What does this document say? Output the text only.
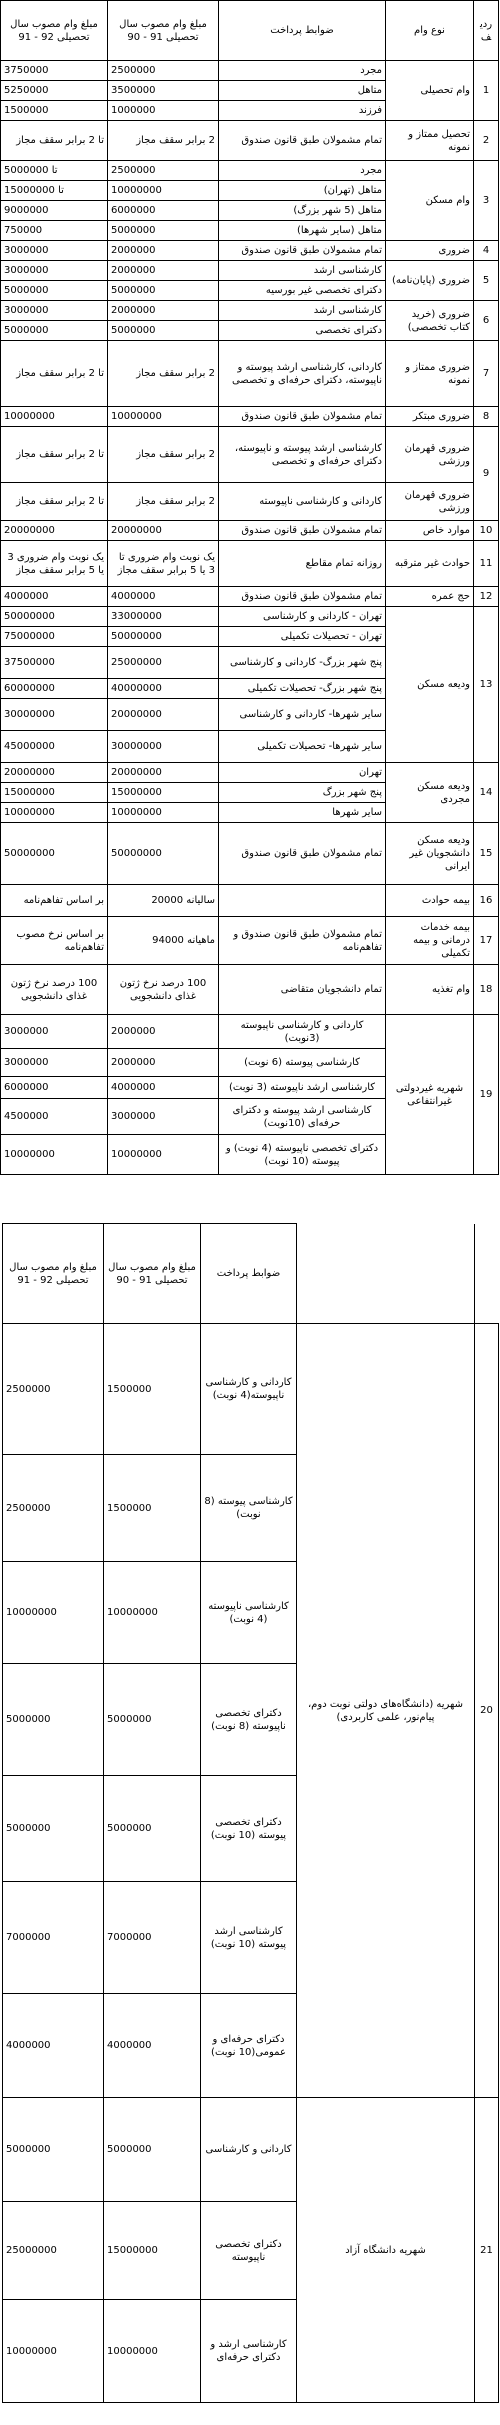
ردیف	نوع وام	ضوابط پرداخت	مبلغ وام مصوب سال تحصیلی 91 - 90	مبلغ وام مصوب سال تحصیلی 92 - 91
1	وام تحصیلی	مجرد	2500000	3750000
		متاهل	3500000	5250000
		فرزند	1000000	1500000
2	تحصیل ممتاز و نمونه	تمام مشمولان طبق قانون صندوق	2 برابر سقف مجاز	تا 2 برابر سقف مجاز
3	وام مسکن	مجرد	2500000	تا 5000000
		متاهل (تهران)	10000000	تا 15000000
		متاهل (5 شهر بزرگ)	6000000	9000000
		متاهل (سایر شهرها)	5000000	750000
4	ضروری	تمام مشمولان طبق قانون صندوق	2000000	3000000
5	ضروری (پایان‌نامه)	کارشناسی ارشد	2000000	3000000
		دکترای تخصصی غیر بورسیه	5000000	5000000
6	ضروری (خرید کتاب تخصصی)	کارشناسی ارشد	2000000	3000000
		دکترای تخصصی	5000000	5000000
7	ضروری ممتاز و نمونه	کاردانی، کارشناسی ارشد پیوسته و ناپیوسته، دکترای حرفه‌ای و تخصصی	2 برابر سقف مجاز	تا 2 برابر سقف مجاز
8	ضروری مبتکر	تمام مشمولان طبق قانون صندوق	10000000	10000000
9	ضروری قهرمان ورزشی	کارشناسی ارشد پیوسته و ناپیوسته، دکترای حرفه‌ای و تخصصی	2 برابر سقف مجاز	تا 2 برابر سقف مجاز
	ضروری قهرمان ورزشی	کاردانی و کارشناسی ناپیوسته	2 برابر سقف مجاز	تا 2 برابر سقف مجاز
10	موارد خاص	تمام مشمولان طبق قانون صندوق	20000000	20000000
11	حوادث غیر مترقبه	روزانه تمام مقاطع	یک نوبت وام ضروری تا 3 یا 5 برابر سقف مجاز	یک نوبت وام ضروری 3 یا 5 برابر سقف مجاز
12	حج عمره	تمام مشمولان طبق قانون صندوق	4000000	4000000
13	ودیعه مسکن	تهران - کاردانی و کارشناسی	33000000	50000000
		تهران - تحصیلات تکمیلی	50000000	75000000
		پنج شهر بزرگ- کاردانی و کارشناسی	25000000	37500000
		پنج شهر بزرگ- تحصیلات تکمیلی	40000000	60000000
		سایر شهرها- کاردانی و کارشناسی	20000000	30000000
		سایر شهرها- تحصیلات تکمیلی	30000000	45000000
14	ودیعه مسکن مجردی	تهران	20000000	20000000
		پنج شهر بزرگ	15000000	15000000
		سایر شهرها	10000000	10000000
15	ودیعه مسکن دانشجویان غیر ایرانی	تمام مشمولان طبق قانون صندوق	50000000	50000000
16	بیمه حوادث		سالیانه 20000	بر اساس تفاهم‌نامه
17	بیمه خدمات درمانی و بیمه تکمیلی	تمام مشمولان طبق قانون صندوق و تفاهم‌نامه	ماهیانه 94000	بر اساس نرخ مصوب تفاهم‌نامه
18	وام تغذیه	تمام دانشجویان متقاضی	100 درصد نرخ ژتون غذای دانشجویی	100 درصد نرخ ژتون غذای دانشجویی
19	شهریه غیردولتی غیرانتفاعی	کاردانی و کارشناسی ناپیوسته (3نوبت)	2000000	3000000
		کارشناسی پیوسته (6 نوبت)	2000000	3000000
		کارشناسی ارشد ناپیوسته (3 نوبت)	4000000	6000000
		کارشناسی ارشد پیوسته و دکترای حرفه‌ای (10نوبت)	3000000	4500000
		دکترای تخصصی ناپیوسته (4 نوبت) و پیوسته (10 نوبت)	10000000	10000000
		ضوابط پرداخت	مبلغ وام مصوب سال تحصیلی 91 - 90	مبلغ وام مصوب سال تحصیلی 92 - 91
20	شهریه (دانشگاه‌های دولتی نوبت دوم، پیام‌نور، علمی کاربردی)	کاردانی و کارشناسی ناپیوسته(4 نوبت)	1500000	2500000
		کارشناسی پیوسته (8 نوبت)	1500000	2500000
		کارشناسی ناپیوسته (4 نوبت)	10000000	10000000
		دکترای تخصصی ناپیوسته (8 نوبت)	5000000	5000000
		دکترای تخصصی پیوسته (10 نوبت)	5000000	5000000
		کارشناسی ارشد پیوسته (10 نوبت)	7000000	7000000
		دکترای حرفه‌ای و عمومی(10 نوبت)	4000000	4000000
21	شهریه دانشگاه آزاد	کاردانی و کارشناسی	5000000	5000000
		دکترای تخصصی ناپیوسته	15000000	25000000
		کارشناسی ارشد و دکترای حرفه‌ای	10000000	10000000
